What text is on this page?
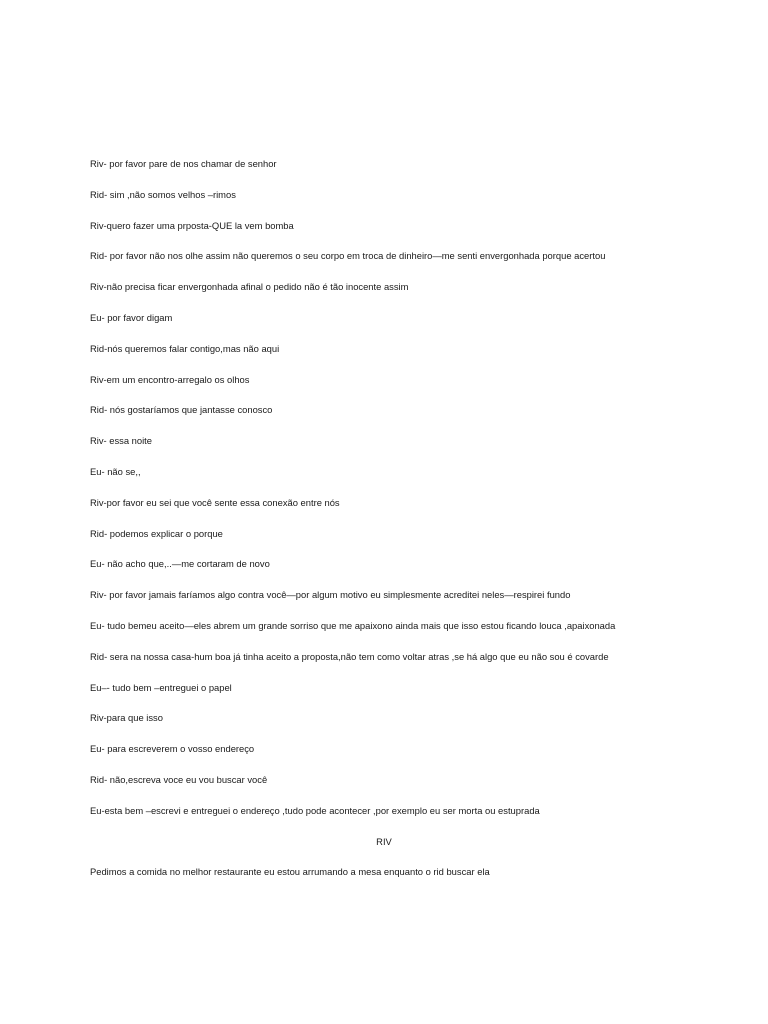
Riv- por favor pare de nos chamar de senhor

Rid- sim ,não somos velhos –rimos

Riv-quero fazer uma prposta-QUE la vem bomba

Rid- por favor não nos olhe assim não queremos o seu corpo em troca de dinheiro—me senti envergonhada porque acertou

Riv-não precisa ficar envergonhada afinal o pedido não é tão inocente assim

Eu- por favor digam

Rid-nós queremos falar contigo,mas não aqui

Riv-em um encontro-arregalo os olhos

Rid- nós gostaríamos que jantasse conosco

Riv- essa noite

Eu- não se,,

Riv-por favor eu sei que você sente essa conexão entre nós

Rid- podemos explicar o porque

Eu- não acho que,..—me cortaram de novo

Riv- por favor jamais faríamos algo contra você—por algum motivo eu simplesmente acreditei neles—respirei fundo

Eu- tudo bemeu aceito—eles abrem um grande sorriso que me apaixono ainda mais que isso estou ficando louca ,apaixonada

Rid- sera na nossa casa-hum boa já tinha aceito a proposta,não tem como voltar atras ,se há algo que eu não sou é covarde

Eu–- tudo bem –entreguei o papel

Riv-para que isso

Eu- para escreverem o vosso endereço

Rid- não,escreva voce eu vou buscar você

Eu-esta bem –escrevi e entreguei o endereço ,tudo pode acontecer ,por exemplo eu ser morta ou estuprada

RIV

Pedimos a comida no melhor restaurante eu estou arrumando a mesa enquanto o rid buscar ela
